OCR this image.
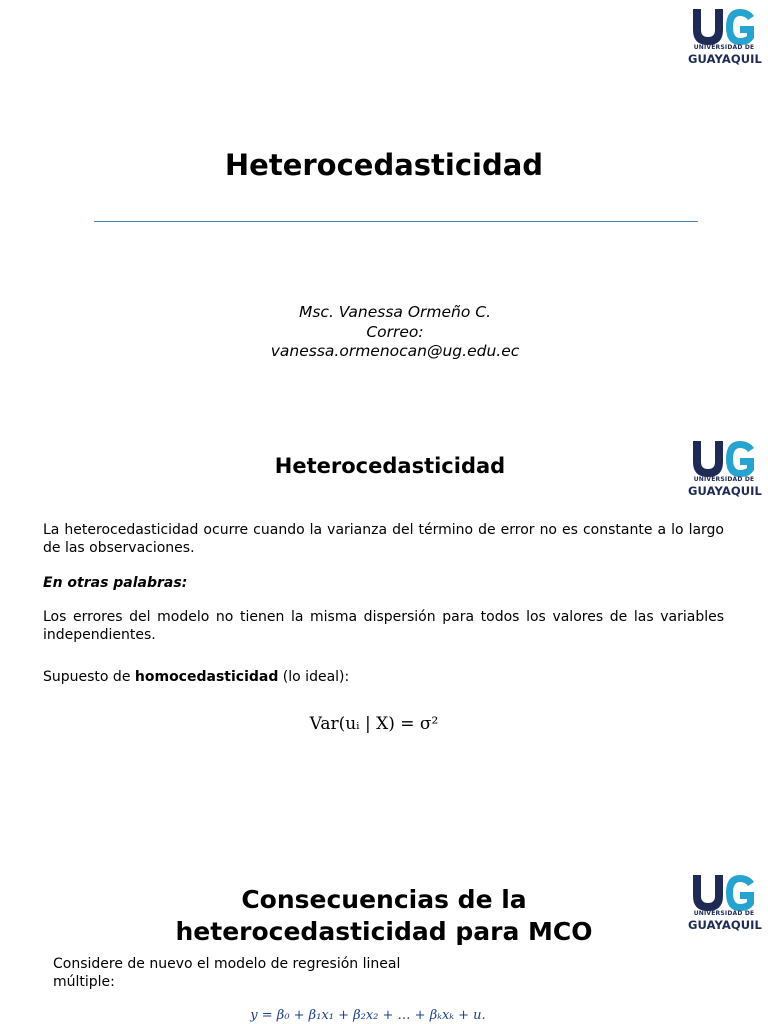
UNIVERSIDAD DE
GUAYAQUIL
Heterocedasticidad
Msc. Vanessa Ormeño C.
Correo:
vanessa.ormenocan@ug.edu.ec
UNIVERSIDAD DE
GUAYAQUIL
Heterocedasticidad
La heterocedasticidad ocurre cuando la varianza del término de error no es constante a lo largo de las observaciones.
En otras palabras:
Los errores del modelo no tienen la misma dispersión para todos los valores de las variables independientes.
Supuesto de homocedasticidad (lo ideal):
Var(uᵢ | X) = σ²
UNIVERSIDAD DE
GUAYAQUIL
Consecuencias de la
heterocedasticidad para MCO
Considere de nuevo el modelo de regresión lineal múltiple:
y = β₀ + β₁x₁ + β₂x₂ + … + βₖxₖ + u.
